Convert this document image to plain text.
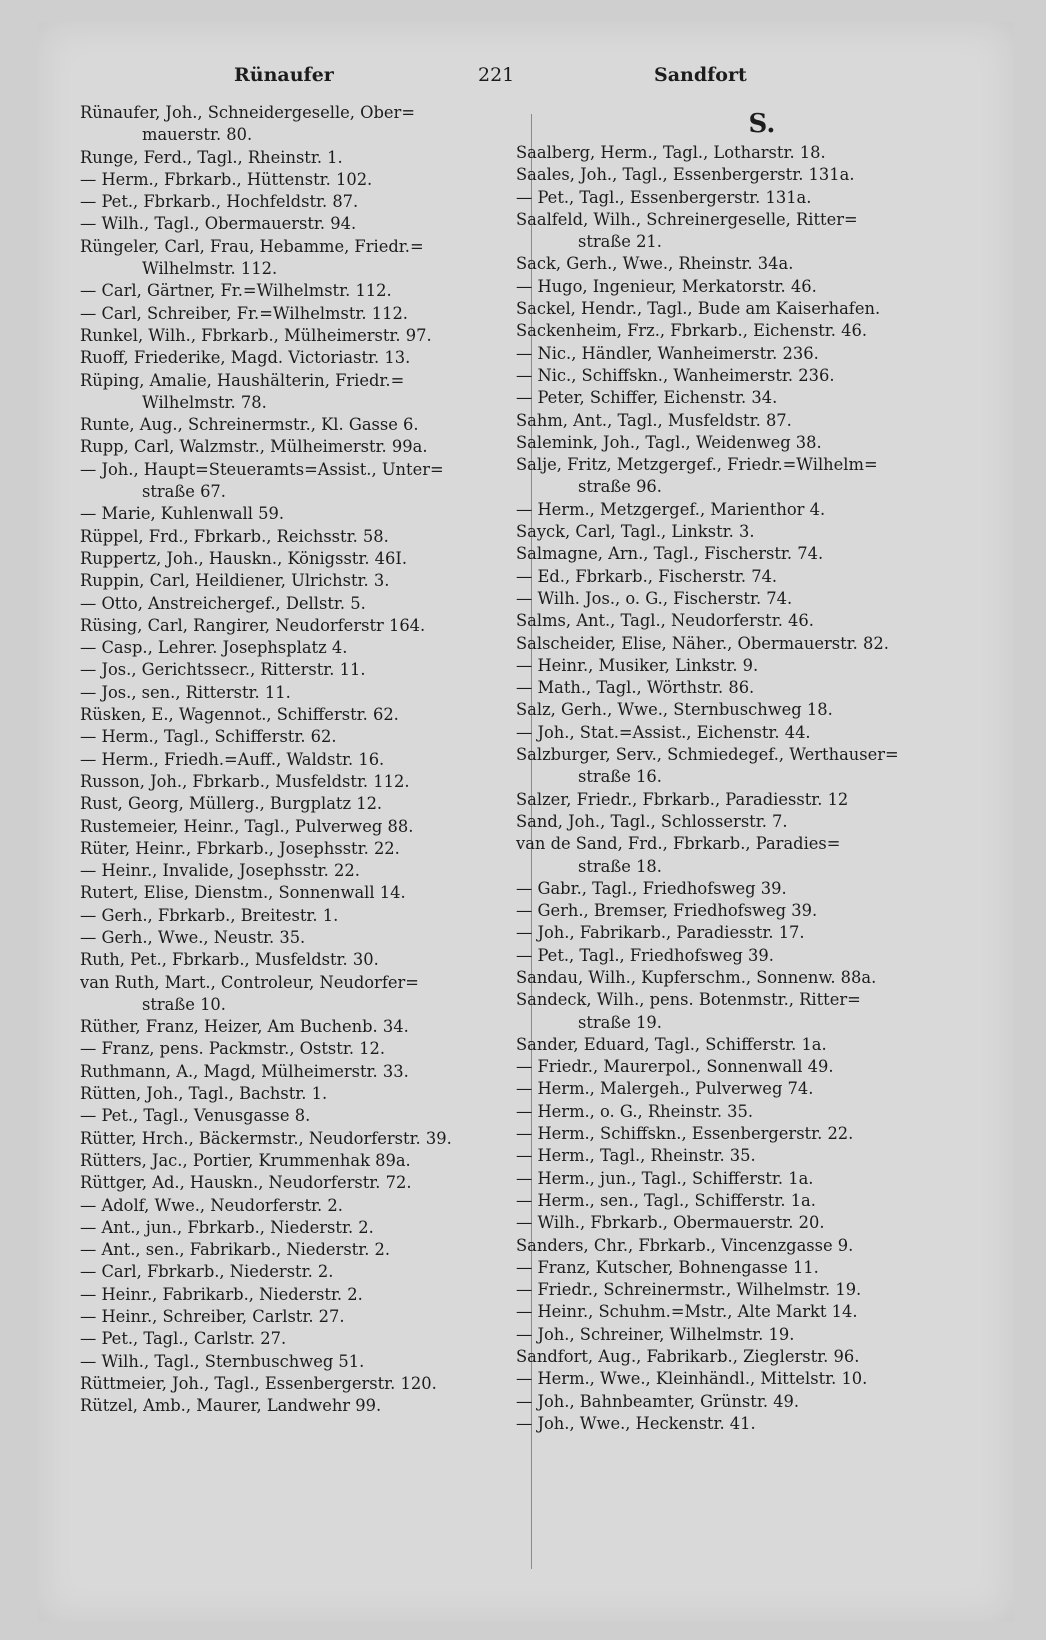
Rünaufer	221	Sandfort

Rünaufer, Joh., Schneidergeselle, Ober=

mauerstr. 80.

Runge, Ferd., Tagl., Rheinstr. 1.

— Herm., Fbrkarb., Hüttenstr. 102.

— Pet., Fbrkarb., Hochfeldstr. 87.

— Wilh., Tagl., Obermauerstr. 94.

Rüngeler, Carl, Frau, Hebamme, Friedr.=

Wilhelmstr. 112.

— Carl, Gärtner, Fr.=Wilhelmstr. 112.

— Carl, Schreiber, Fr.=Wilhelmstr. 112.

Runkel, Wilh., Fbrkarb., Mülheimerstr. 97.

Ruoff, Friederike, Magd. Victoriastr. 13.

Rüping, Amalie, Haushälterin, Friedr.=

Wilhelmstr. 78.

Runte, Aug., Schreinermstr., Kl. Gasse 6.

Rupp, Carl, Walzmstr., Mülheimerstr. 99a.

— Joh., Haupt=Steueramts=Assist., Unter=

straße 67.

— Marie, Kuhlenwall 59.

Rüppel, Frd., Fbrkarb., Reichsstr. 58.

Ruppertz, Joh., Hauskn., Königsstr. 46I.

Ruppin, Carl, Heildiener, Ulrichstr. 3.

— Otto, Anstreichergef., Dellstr. 5.

Rüsing, Carl, Rangirer, Neudorferstr 164.

— Casp., Lehrer. Josephsplatz 4.

— Jos., Gerichtssecr., Ritterstr. 11.

— Jos., sen., Ritterstr. 11.

Rüsken, E., Wagennot., Schifferstr. 62.

— Herm., Tagl., Schifferstr. 62.

— Herm., Friedh.=Auff., Waldstr. 16.

Russon, Joh., Fbrkarb., Musfeldstr. 112.

Rust, Georg, Müllerg., Burgplatz 12.

Rustemeier, Heinr., Tagl., Pulverweg 88.

Rüter, Heinr., Fbrkarb., Josephsstr. 22.

— Heinr., Invalide, Josephsstr. 22.

Rutert, Elise, Dienstm., Sonnenwall 14.

— Gerh., Fbrkarb., Breitestr. 1.

— Gerh., Wwe., Neustr. 35.

Ruth, Pet., Fbrkarb., Musfeldstr. 30.

van Ruth, Mart., Controleur, Neudorfer=

straße 10.

Rüther, Franz, Heizer, Am Buchenb. 34.

— Franz, pens. Packmstr., Oststr. 12.

Ruthmann, A., Magd, Mülheimerstr. 33.

Rütten, Joh., Tagl., Bachstr. 1.

— Pet., Tagl., Venusgasse 8.

Rütter, Hrch., Bäckermstr., Neudorferstr. 39.

Rütters, Jac., Portier, Krummenhak 89a.

Rüttger, Ad., Hauskn., Neudorferstr. 72.

— Adolf, Wwe., Neudorferstr. 2.

— Ant., jun., Fbrkarb., Niederstr. 2.

— Ant., sen., Fabrikarb., Niederstr. 2.

— Carl, Fbrkarb., Niederstr. 2.

— Heinr., Fabrikarb., Niederstr. 2.

— Heinr., Schreiber, Carlstr. 27.

— Pet., Tagl., Carlstr. 27.

— Wilh., Tagl., Sternbuschweg 51.

Rüttmeier, Joh., Tagl., Essenbergerstr. 120.

Rützel, Amb., Maurer, Landwehr 99.

S.

Saalberg, Herm., Tagl., Lotharstr. 18.

Saales, Joh., Tagl., Essenbergerstr. 131a.

— Pet., Tagl., Essenbergerstr. 131a.

Saalfeld, Wilh., Schreinergeselle, Ritter=

straße 21.

Sack, Gerh., Wwe., Rheinstr. 34a.

— Hugo, Ingenieur, Merkatorstr. 46.

Sackel, Hendr., Tagl., Bude am Kaiserhafen.

Sackenheim, Frz., Fbrkarb., Eichenstr. 46.

— Nic., Händler, Wanheimerstr. 236.

— Nic., Schiffskn., Wanheimerstr. 236.

— Peter, Schiffer, Eichenstr. 34.

Sahm, Ant., Tagl., Musfeldstr. 87.

Salemink, Joh., Tagl., Weidenweg 38.

Salje, Fritz, Metzgergef., Friedr.=Wilhelm=

straße 96.

— Herm., Metzgergef., Marienthor 4.

Sayck, Carl, Tagl., Linkstr. 3.

Salmagne, Arn., Tagl., Fischerstr. 74.

— Ed., Fbrkarb., Fischerstr. 74.

— Wilh. Jos., o. G., Fischerstr. 74.

Salms, Ant., Tagl., Neudorferstr. 46.

Salscheider, Elise, Näher., Obermauerstr. 82.

— Heinr., Musiker, Linkstr. 9.

— Math., Tagl., Wörthstr. 86.

Salz, Gerh., Wwe., Sternbuschweg 18.

— Joh., Stat.=Assist., Eichenstr. 44.

Salzburger, Serv., Schmiedegef., Werthauser=

straße 16.

Salzer, Friedr., Fbrkarb., Paradiesstr. 12

Sand, Joh., Tagl., Schlosserstr. 7.

van de Sand, Frd., Fbrkarb., Paradies=

straße 18.

— Gabr., Tagl., Friedhofsweg 39.

— Gerh., Bremser, Friedhofsweg 39.

— Joh., Fabrikarb., Paradiesstr. 17.

— Pet., Tagl., Friedhofsweg 39.

Sandau, Wilh., Kupferschm., Sonnenw. 88a.

Sandeck, Wilh., pens. Botenmstr., Ritter=

straße 19.

Sander, Eduard, Tagl., Schifferstr. 1a.

— Friedr., Maurerpol., Sonnenwall 49.

— Herm., Malergeh., Pulverweg 74.

— Herm., o. G., Rheinstr. 35.

— Herm., Schiffskn., Essenbergerstr. 22.

— Herm., Tagl., Rheinstr. 35.

— Herm., jun., Tagl., Schifferstr. 1a.

— Herm., sen., Tagl., Schifferstr. 1a.

— Wilh., Fbrkarb., Obermauerstr. 20.

Sanders, Chr., Fbrkarb., Vincenzgasse 9.

— Franz, Kutscher, Bohnengasse 11.

— Friedr., Schreinermstr., Wilhelmstr. 19.

— Heinr., Schuhm.=Mstr., Alte Markt 14.

— Joh., Schreiner, Wilhelmstr. 19.

Sandfort, Aug., Fabrikarb., Zieglerstr. 96.

— Herm., Wwe., Kleinhändl., Mittelstr. 10.

— Joh., Bahnbeamter, Grünstr. 49.

— Joh., Wwe., Heckenstr. 41.
